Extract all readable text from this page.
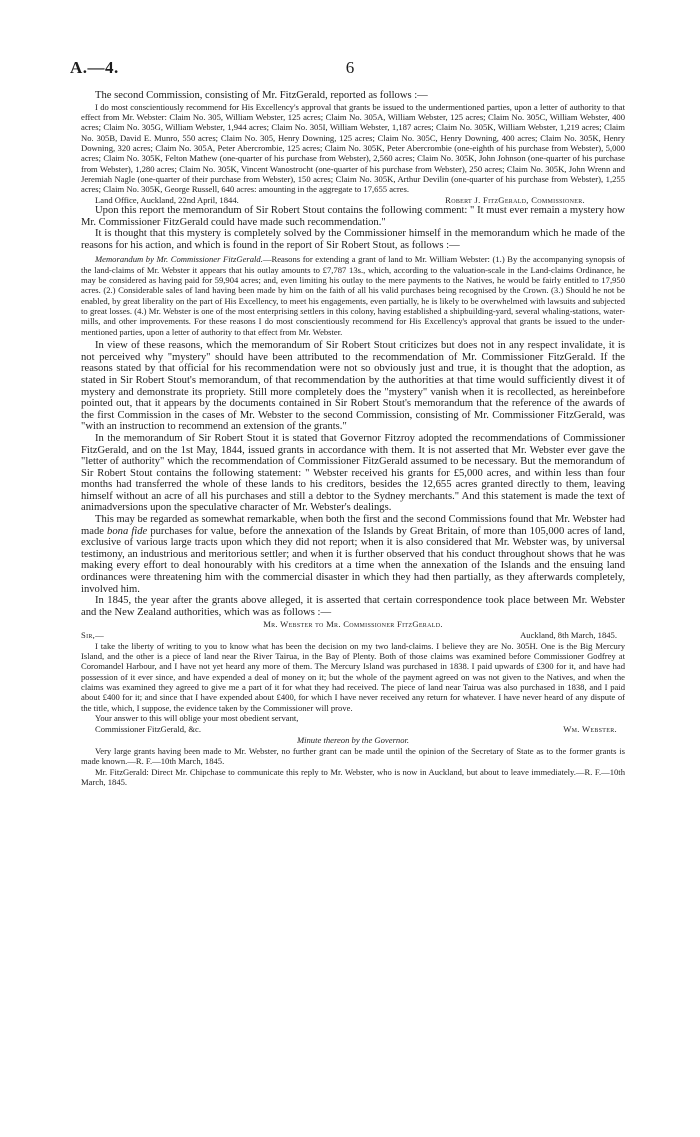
A.—4.	6

The second Commission, consisting of Mr. FitzGerald, reported as follows :—

I do most conscientiously recommend for His Excellency's approval that grants be issued to the undermentioned parties, upon a letter of authority to that effect from Mr. Webster: Claim No. 305, William Webster, 125 acres; Claim No. 305A, William Webster, 125 acres; Claim No. 305C, William Webster, 400 acres; Claim No. 305G, William Webster, 1,944 acres; Claim No. 305I, William Webster, 1,187 acres; Claim No. 305K, William Webster, 1,219 acres; Claim No. 305B, David E. Munro, 550 acres; Claim No. 305, Henry Downing, 125 acres; Claim No. 305C, Henry Downing, 400 acres; Claim No. 305K, Henry Downing, 320 acres; Claim No. 305A, Peter Abercrombie, 125 acres; Claim No. 305K, Peter Abercrombie (one-eighth of his purchase from Webster), 5,000 acres; Claim No. 305K, Felton Mathew (one-quarter of his purchase from Webster), 2,560 acres; Claim No. 305K, John Johnson (one-quarter of his purchase from Webster), 1,280 acres; Claim No. 305K, Vincent Wanostrocht (one-quarter of his purchase from Webster), 250 acres; Claim No. 305K, John Wrenn and Jeremiah Nagle (one-quarter of their purchase from Webster), 150 acres; Claim No. 305K, Arthur Devilin (one-quarter of his purchase from Webster), 1,255 acres; Claim No. 305K, George Russell, 640 acres: amounting in the aggregate to 17,655 acres.

Land Office, Auckland, 22nd April, 1844.	Robert J. FitzGerald, Commissioner.

Upon this report the memorandum of Sir Robert Stout contains the following comment: " It must ever remain a mystery how Mr. Commissioner FitzGerald could have made such recommendation."

It is thought that this mystery is completely solved by the Commissioner himself in the memorandum which he made of the reasons for his action, and which is found in the report of Sir Robert Stout, as follows :—

Memorandum by Mr. Commissioner FitzGerald.—Reasons for extending a grant of land to Mr. William Webster: (1.) By the accompanying synopsis of the land-claims of Mr. Webster it appears that his outlay amounts to £7,787 13s., which, according to the valuation-scale in the Land-claims Ordinance, he may be considered as having paid for 59,904 acres; and, even limiting his outlay to the mere payments to the Natives, he would be fairly entitled to 17,950 acres. (2.) Considerable sales of land having been made by him on the faith of all his valid purchases being recognised by the Crown. (3.) Should he not be enabled, by great liberality on the part of His Excellency, to meet his engagements, even partially, he is likely to be overwhelmed with lawsuits and subjected to great losses. (4.) Mr. Webster is one of the most enterprising settlers in this colony, having established a shipbuilding-yard, several whaling-stations, water-mills, and other improvements. For these reasons I do most conscientiously recommend for His Excellency's approval that grants be issued to the under-mentioned parties, upon a letter of authority to that effect from Mr. Webster.

In view of these reasons, which the memorandum of Sir Robert Stout criticizes but does not in any respect invalidate, it is not perceived why "mystery" should have been attributed to the recommendation of Mr. Commissioner FitzGerald. If the reasons stated by that official for his recommendation were not so obviously just and true, it is thought that the adoption, as stated in Sir Robert Stout's memorandum, of that recommendation by the authorities at that time would sufficiently divest it of mystery and demonstrate its propriety. Still more completely does the "mystery" vanish when it is recollected, as hereinbefore pointed out, that it appears by the documents contained in Sir Robert Stout's memorandum that the reference of the awards of the first Commission in the cases of Mr. Webster to the second Commission, consisting of Mr. Commissioner FitzGerald, was "with an instruction to recommend an extension of the grants."

In the memorandum of Sir Robert Stout it is stated that Governor Fitzroy adopted the recommendations of Commissioner FitzGerald, and on the 1st May, 1844, issued grants in accordance with them. It is not asserted that Mr. Webster ever gave the "letter of authority" which the recommendation of Commissioner FitzGerald assumed to be necessary. But the memorandum of Sir Robert Stout contains the following statement: " Webster received his grants for £5,000 acres, and within less than four months had transferred the whole of these lands to his creditors, besides the 12,655 acres granted directly to them, leaving himself without an acre of all his purchases and still a debtor to the Sydney merchants." And this statement is made the text of animadversions upon the speculative character of Mr. Webster's dealings.

This may be regarded as somewhat remarkable, when both the first and the second Commissions found that Mr. Webster had made bona fide purchases for value, before the annexation of the Islands by Great Britain, of more than 105,000 acres of land, exclusive of various large tracts upon which they did not report; when it is also considered that Mr. Webster was, by universal testimony, an industrious and meritorious settler; and when it is further observed that his conduct throughout shows that he was making every effort to deal honourably with his creditors at a time when the annexation of the Islands and the ensuing land ordinances were threatening him with the commercial disaster in which they had then partially, as they afterwards completely, involved him.

In 1845, the year after the grants above alleged, it is asserted that certain correspondence took place between Mr. Webster and the New Zealand authorities, which was as follows :—

Mr. Webster to Mr. Commissioner FitzGerald.
Sir,—	Auckland, 8th March, 1845.

I take the liberty of writing to you to know what has been the decision on my two land-claims. I believe they are No. 305H. One is the Big Mercury Island, and the other is a piece of land near the River Tairua, in the Bay of Plenty. Both of those claims was examined before Commissioner Godfrey at Coromandel Harbour, and I have not yet heard any more of them. The Mercury Island was purchased in 1838. I paid upwards of £300 for it, and have had possession of it ever since, and have expended a deal of money on it; but the whole of the payment agreed on was not given to the Natives, and when the claims was examined they agreed to give me a part of it for what they had received. The piece of land near Tairua was also purchased in 1838, and I paid about £400 for it; and since that I have expended about £400, for which I have never received any return for whatever. I have never heard of any dispute of the title, which, I suppose, the evidence taken by the Commissioner will prove.

Your answer to this will oblige your most obedient servant,
Commissioner FitzGerald, &c.	Wm. Webster.
Minute thereon by the Governor.

Very large grants having been made to Mr. Webster, no further grant can be made until the opinion of the Secretary of State as to the former grants is made known.—R. F.—10th March, 1845.

Mr. FitzGerald: Direct Mr. Chipchase to communicate this reply to Mr. Webster, who is now in Auckland, but about to leave immediately.—R. F.—10th March, 1845.
